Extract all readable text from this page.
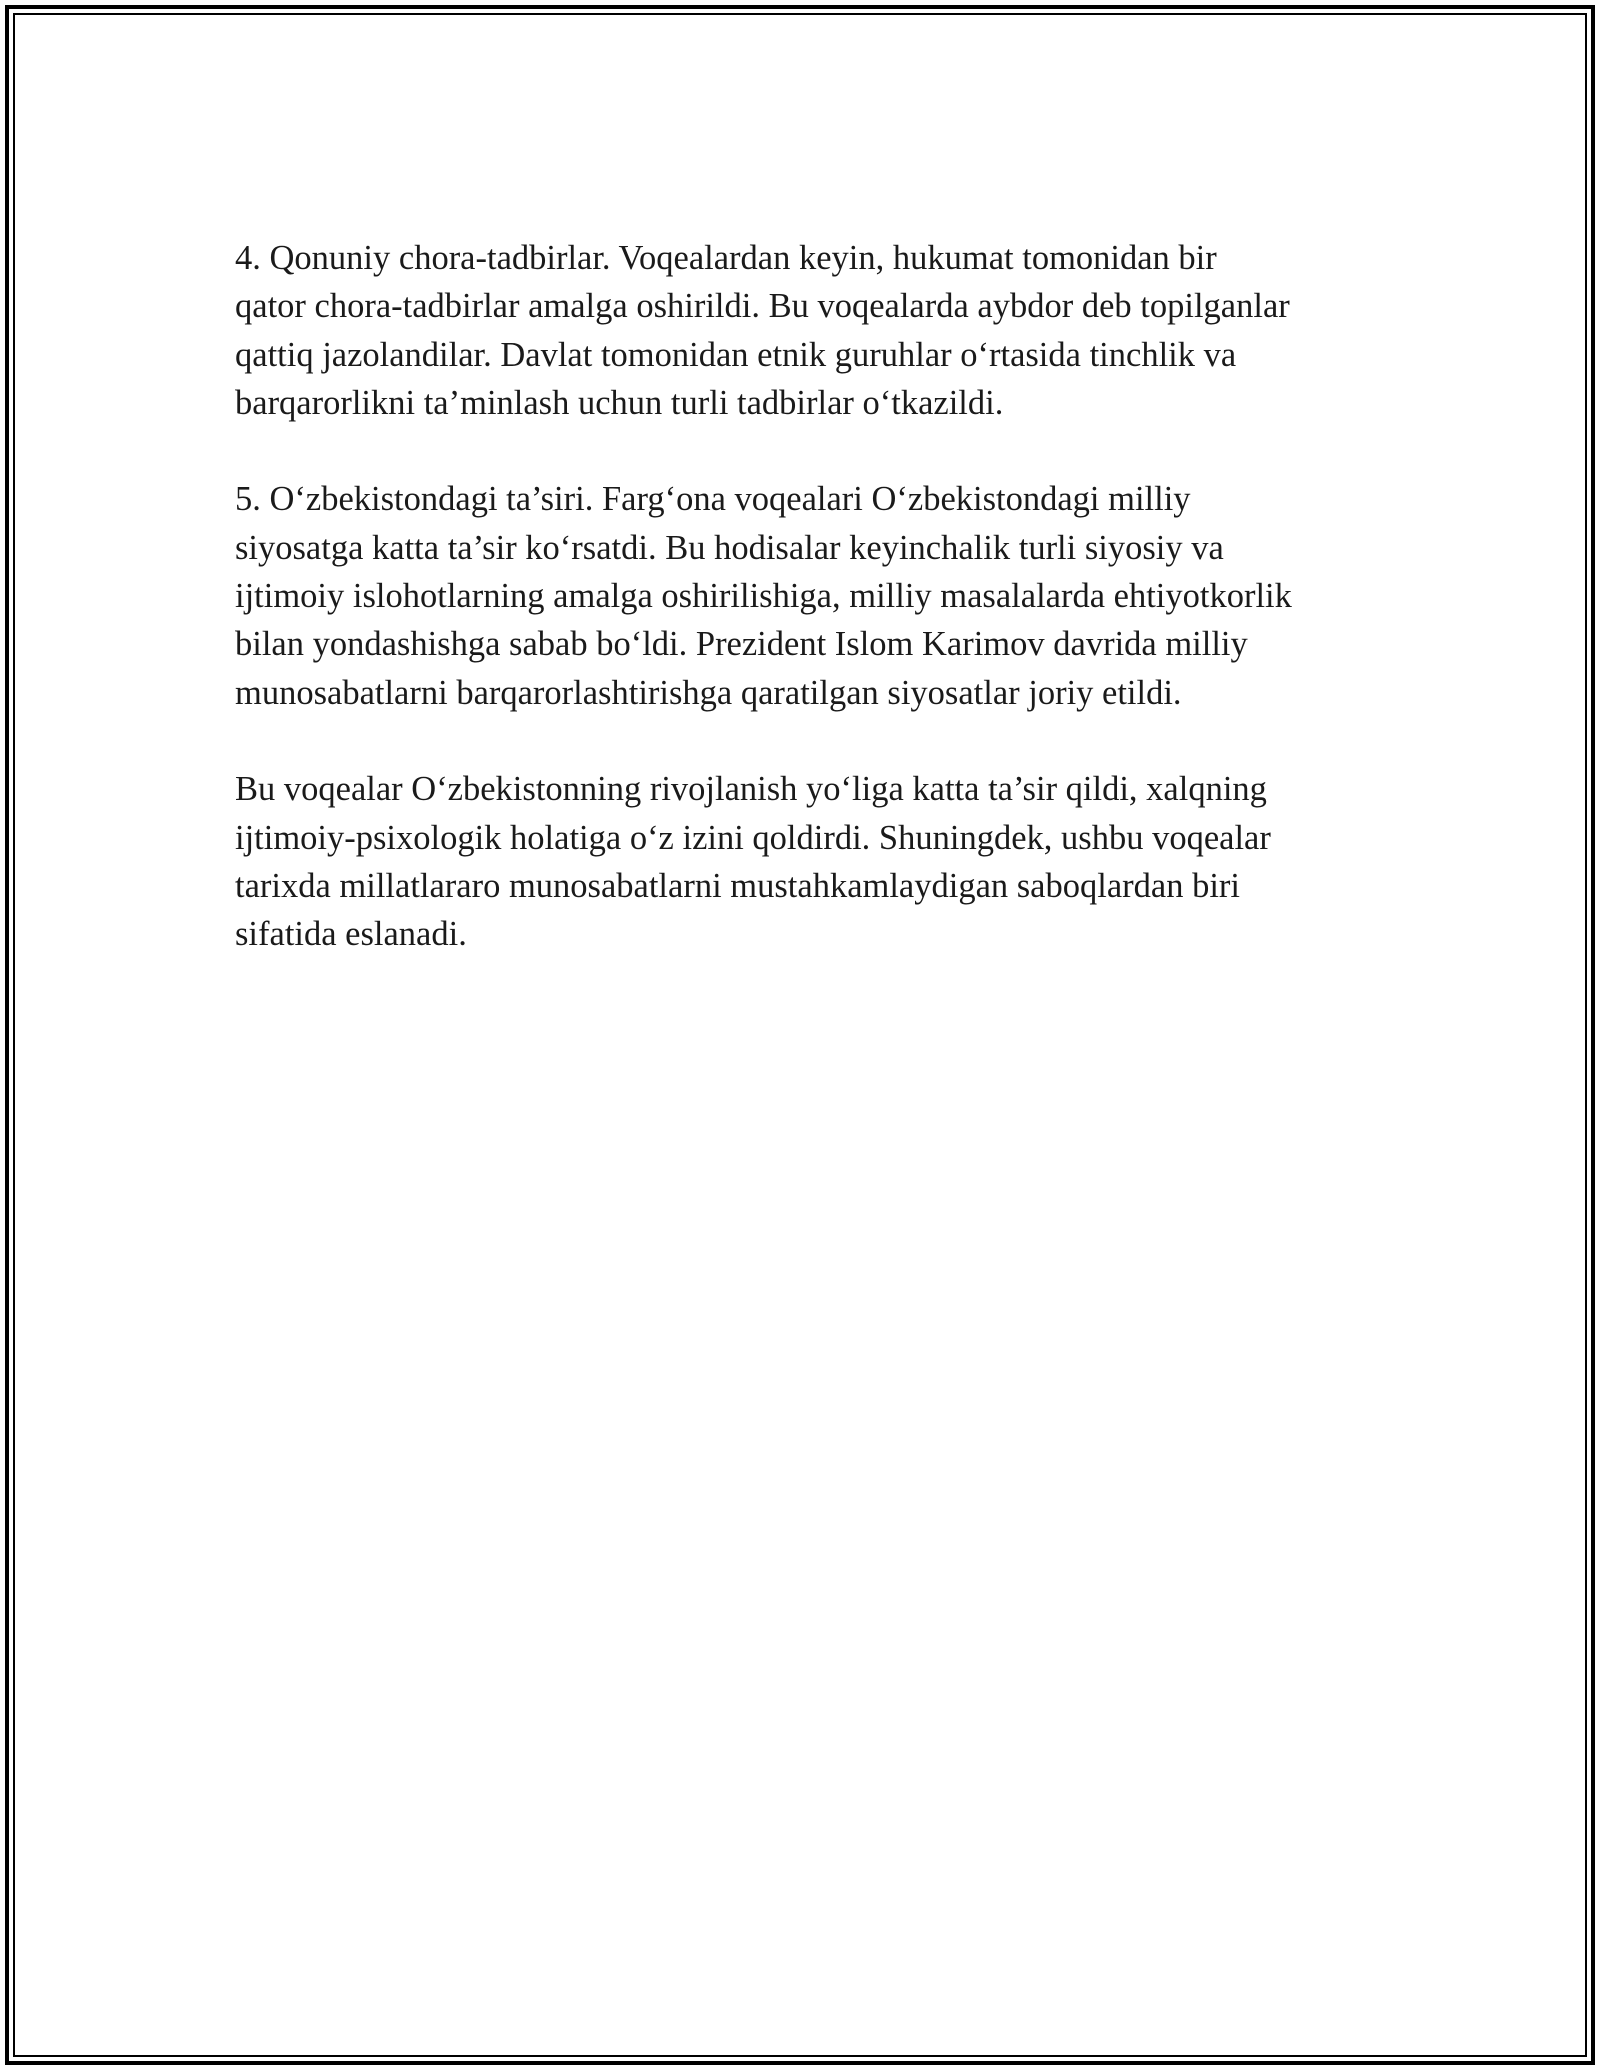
4. Qonuniy chora-tadbirlar. Voqealardan keyin, hukumat tomonidan bir
qator chora-tadbirlar amalga oshirildi. Bu voqealarda aybdor deb topilganlar
qattiq jazolandilar. Davlat tomonidan etnik guruhlar o‘rtasida tinchlik va
barqarorlikni ta’minlash uchun turli tadbirlar o‘tkazildi.

5. O‘zbekistondagi ta’siri. Farg‘ona voqealari O‘zbekistondagi milliy
siyosatga katta ta’sir ko‘rsatdi. Bu hodisalar keyinchalik turli siyosiy va
ijtimoiy islohotlarning amalga oshirilishiga, milliy masalalarda ehtiyotkorlik
bilan yondashishga sabab bo‘ldi. Prezident Islom Karimov davrida milliy
munosabatlarni barqarorlashtirishga qaratilgan siyosatlar joriy etildi.

Bu voqealar O‘zbekistonning rivojlanish yo‘liga katta ta’sir qildi, xalqning
ijtimoiy-psixologik holatiga o‘z izini qoldirdi. Shuningdek, ushbu voqealar
tarixda millatlararo munosabatlarni mustahkamlaydigan saboqlardan biri
sifatida eslanadi.
